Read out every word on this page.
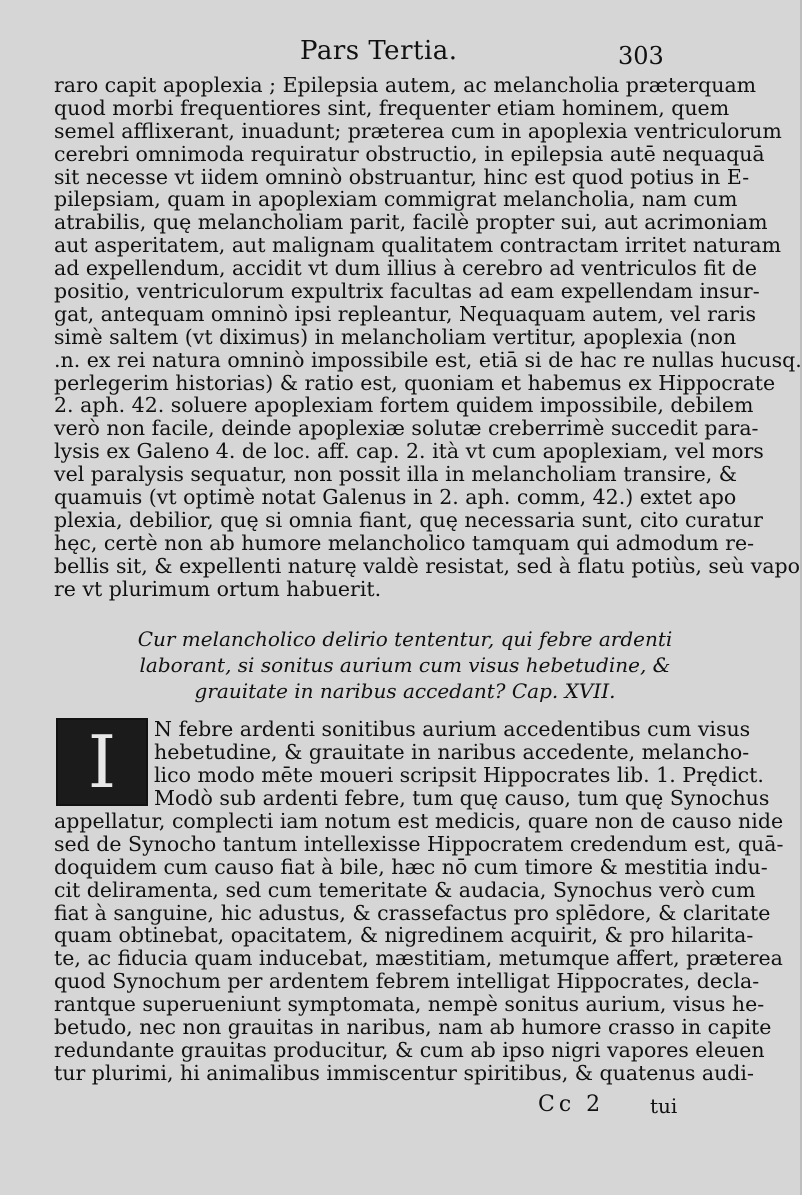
Pars Tertia.	303
raro capit apoplexia ; Epilepsia autem, ac melancholia præterquam
quod morbi frequentiores sint, frequenter etiam hominem, quem
semel afflixerant, inuadunt; præterea cum in apoplexia ventriculorum
cerebri omnimoda requiratur obstructio, in epilepsia autē nequaquā
sit necesse vt iidem omninò obstruantur, hinc est quod potius in E-
pilepsiam, quam in apoplexiam commigrat melancholia, nam cum
atrabilis, quę melancholiam parit, facilè propter sui, aut acrimoniam
aut asperitatem, aut malignam qualitatem contractam irritet naturam
ad expellendum, accidit vt dum illius à cerebro ad ventriculos fit de
positio, ventriculorum expultrix facultas ad eam expellendam insur-
gat, antequam omninò ipsi repleantur, Nequaquam autem, vel raris
simè saltem (vt diximus) in melancholiam vertitur, apoplexia (non
.n. ex rei natura omninò impossibile est, etiā si de hac re nullas hucusq.
perlegerim historias) & ratio est, quoniam et habemus ex Hippocrate
2. aph. 42. soluere apoplexiam fortem quidem impossibile, debilem
verò non facile, deinde apoplexiæ solutæ creberrimè succedit para-
lysis ex Galeno 4. de loc. aff. cap. 2. ità vt cum apoplexiam, vel mors
vel paralysis sequatur, non possit illa in melancholiam transire, &
quamuis (vt optimè notat Galenus in 2. aph. comm, 42.) extet apo
plexia, debilior, quę si omnia fiant, quę necessaria sunt, cito curatur
hęc, certè non ab humore melancholico tamquam qui admodum re-
bellis sit, & expellenti naturę valdè resistat, sed à flatu potiùs, seù vapo
re vt plurimum ortum habuerit.
Cur melancholico delirio tententur, qui febre ardenti
laborant, si sonitus aurium cum visus hebetudine, &
grauitate in naribus accedant? Cap. XVII.
I	N febre ardenti sonitibus aurium accedentibus cum visus
hebetudine, & grauitate in naribus accedente, melancho-
lico modo mēte moueri scripsit Hippocrates lib. 1. Prędict.
Modò sub ardenti febre, tum quę causo, tum quę Synochus
appellatur, complecti iam notum est medicis, quare non de causo nide
sed de Synocho tantum intellexisse Hippocratem credendum est, quā-
doquidem cum causo fiat à bile, hæc nō cum timore & mestitia indu-
cit deliramenta, sed cum temeritate & audacia, Synochus verò cum
fiat à sanguine, hic adustus, & crassefactus pro splēdore, & claritate
quam obtinebat, opacitatem, & nigredinem acquirit, & pro hilarita-
te, ac fiducia quam inducebat, mæstitiam, metumque affert, præterea
quod Synochum per ardentem febrem intelligat Hippocrates, decla-
rantque superueniunt symptomata, nempè sonitus aurium, visus he-
betudo, nec non grauitas in naribus, nam ab humore crasso in capite
redundante grauitas producitur, & cum ab ipso nigri vapores eleuen
tur plurimi, hi animalibus immiscentur spiritibus, & quatenus audi-
Cc 2 tui
